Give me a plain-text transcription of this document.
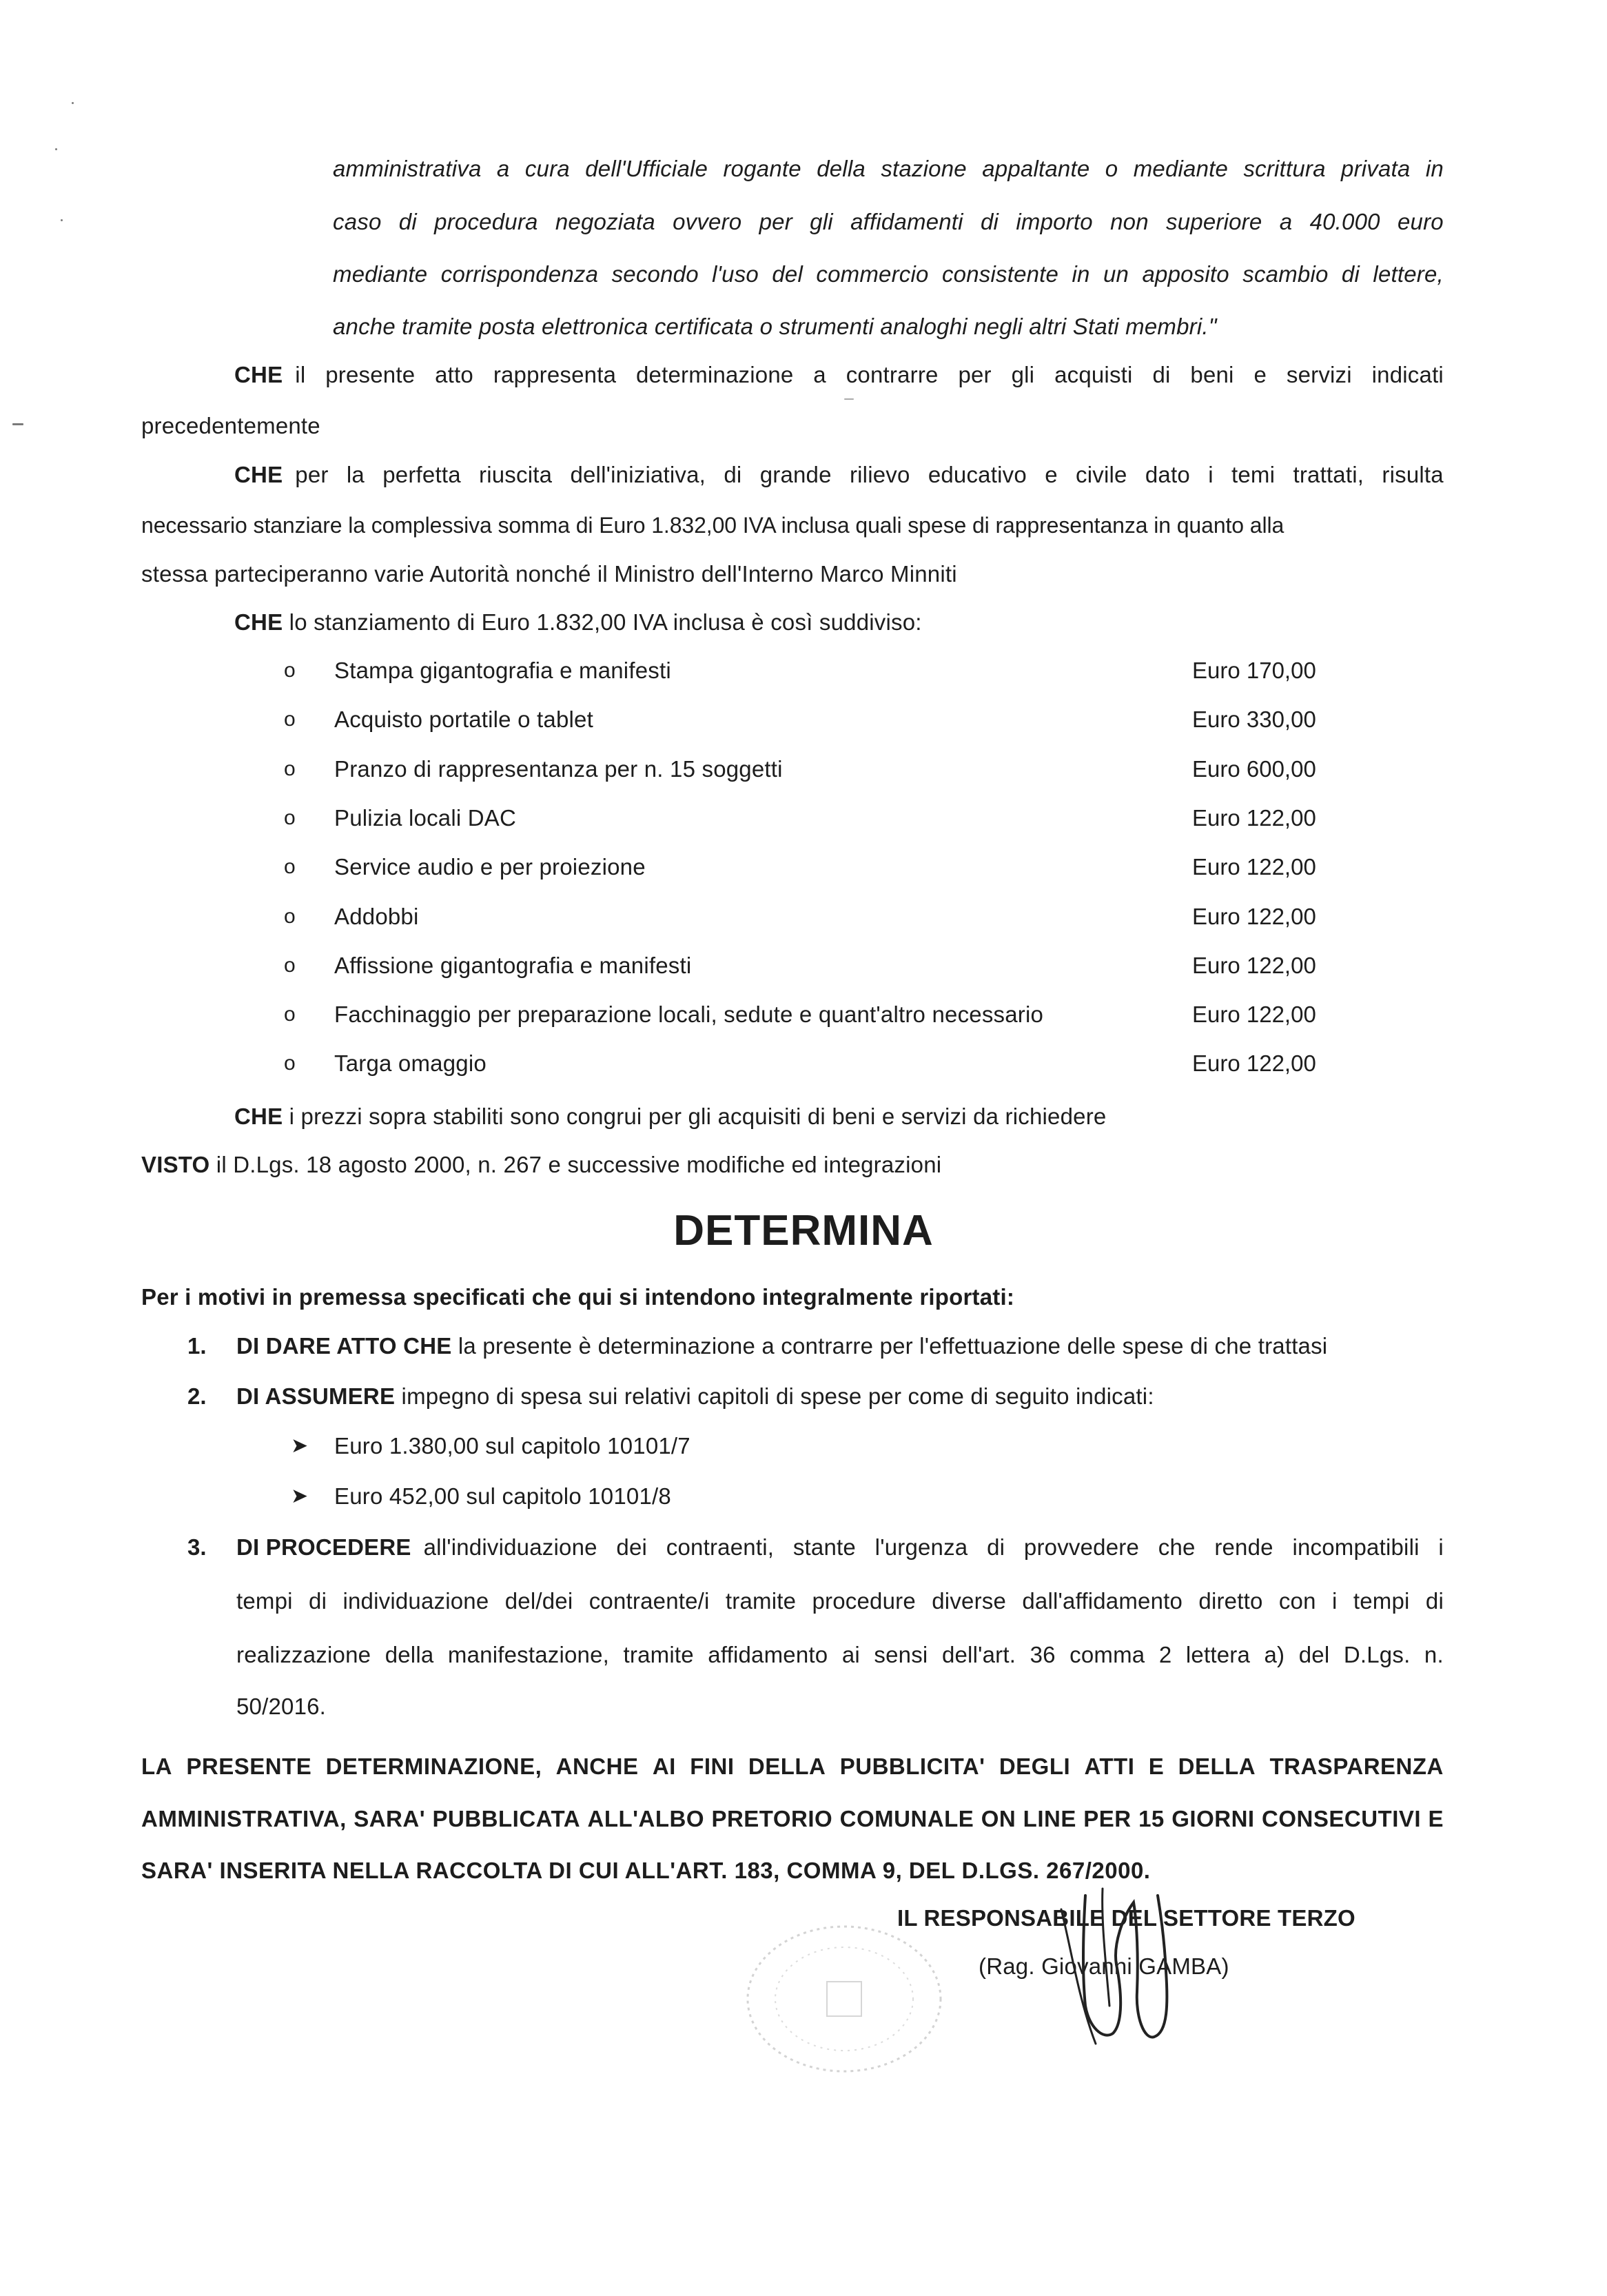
amministrativa a cura dell'Ufficiale rogante della stazione appaltante o mediante scrittura privata in
caso di procedura negoziata ovvero per gli affidamenti di importo non superiore a 40.000 euro
mediante corrispondenza secondo l'uso del commercio consistente in un apposito scambio di lettere,
anche tramite posta elettronica certificata o strumenti analoghi negli altri Stati membri."
CHE il presente atto rappresenta determinazione a contrarre per gli acquisti di beni e servizi indicati
precedentemente
CHE per la perfetta riuscita dell'iniziativa, di grande rilievo educativo e civile dato i temi trattati, risulta
necessario stanziare la complessiva somma di Euro 1.832,00 IVA inclusa quali spese di rappresentanza in quanto alla
stessa parteciperanno varie Autorità nonché il Ministro dell'Interno Marco Minniti
CHE lo stanziamento di Euro 1.832,00 IVA inclusa è così suddiviso:
o Stampa gigantografia e manifesti	Euro 170,00
o Acquisto portatile o tablet	Euro 330,00
o Pranzo di rappresentanza per n. 15 soggetti	Euro 600,00
o Pulizia locali DAC	Euro 122,00
o Service audio e per proiezione	Euro 122,00
o Addobbi	Euro 122,00
o Affissione gigantografia e manifesti	Euro 122,00
o Facchinaggio per preparazione locali, sedute e quant'altro necessario	Euro 122,00
o Targa omaggio	Euro 122,00
CHE i prezzi sopra stabiliti sono congrui per gli acquisiti di beni e servizi da richiedere
VISTO il D.Lgs. 18 agosto 2000, n. 267 e successive modifiche ed integrazioni
DETERMINA
Per i motivi in premessa specificati che qui si intendono integralmente riportati:
1. DI DARE ATTO CHE la presente è determinazione a contrarre per l'effettuazione delle spese di che trattasi
2. DI ASSUMERE impegno di spesa sui relativi capitoli di spese per come di seguito indicati:
➤ Euro 1.380,00 sul capitolo 10101/7
➤ Euro 452,00 sul capitolo 10101/8
3. DI PROCEDERE all'individuazione dei contraenti, stante l'urgenza di provvedere che rende incompatibili i
tempi di individuazione del/dei contraente/i tramite procedure diverse dall'affidamento diretto con i tempi di
realizzazione della manifestazione, tramite affidamento ai sensi dell'art. 36 comma 2 lettera a) del D.Lgs. n.
50/2016.
LA PRESENTE DETERMINAZIONE, ANCHE AI FINI DELLA PUBBLICITA' DEGLI ATTI E DELLA TRASPARENZA
AMMINISTRATIVA, SARA' PUBBLICATA ALL'ALBO PRETORIO COMUNALE ON LINE PER 15 GIORNI CONSECUTIVI E
SARA' INSERITA NELLA RACCOLTA DI CUI ALL'ART. 183, COMMA 9, DEL D.LGS. 267/2000.
IL RESPONSABILE DEL SETTORE TERZO
(Rag. Giovanni GAMBA)
